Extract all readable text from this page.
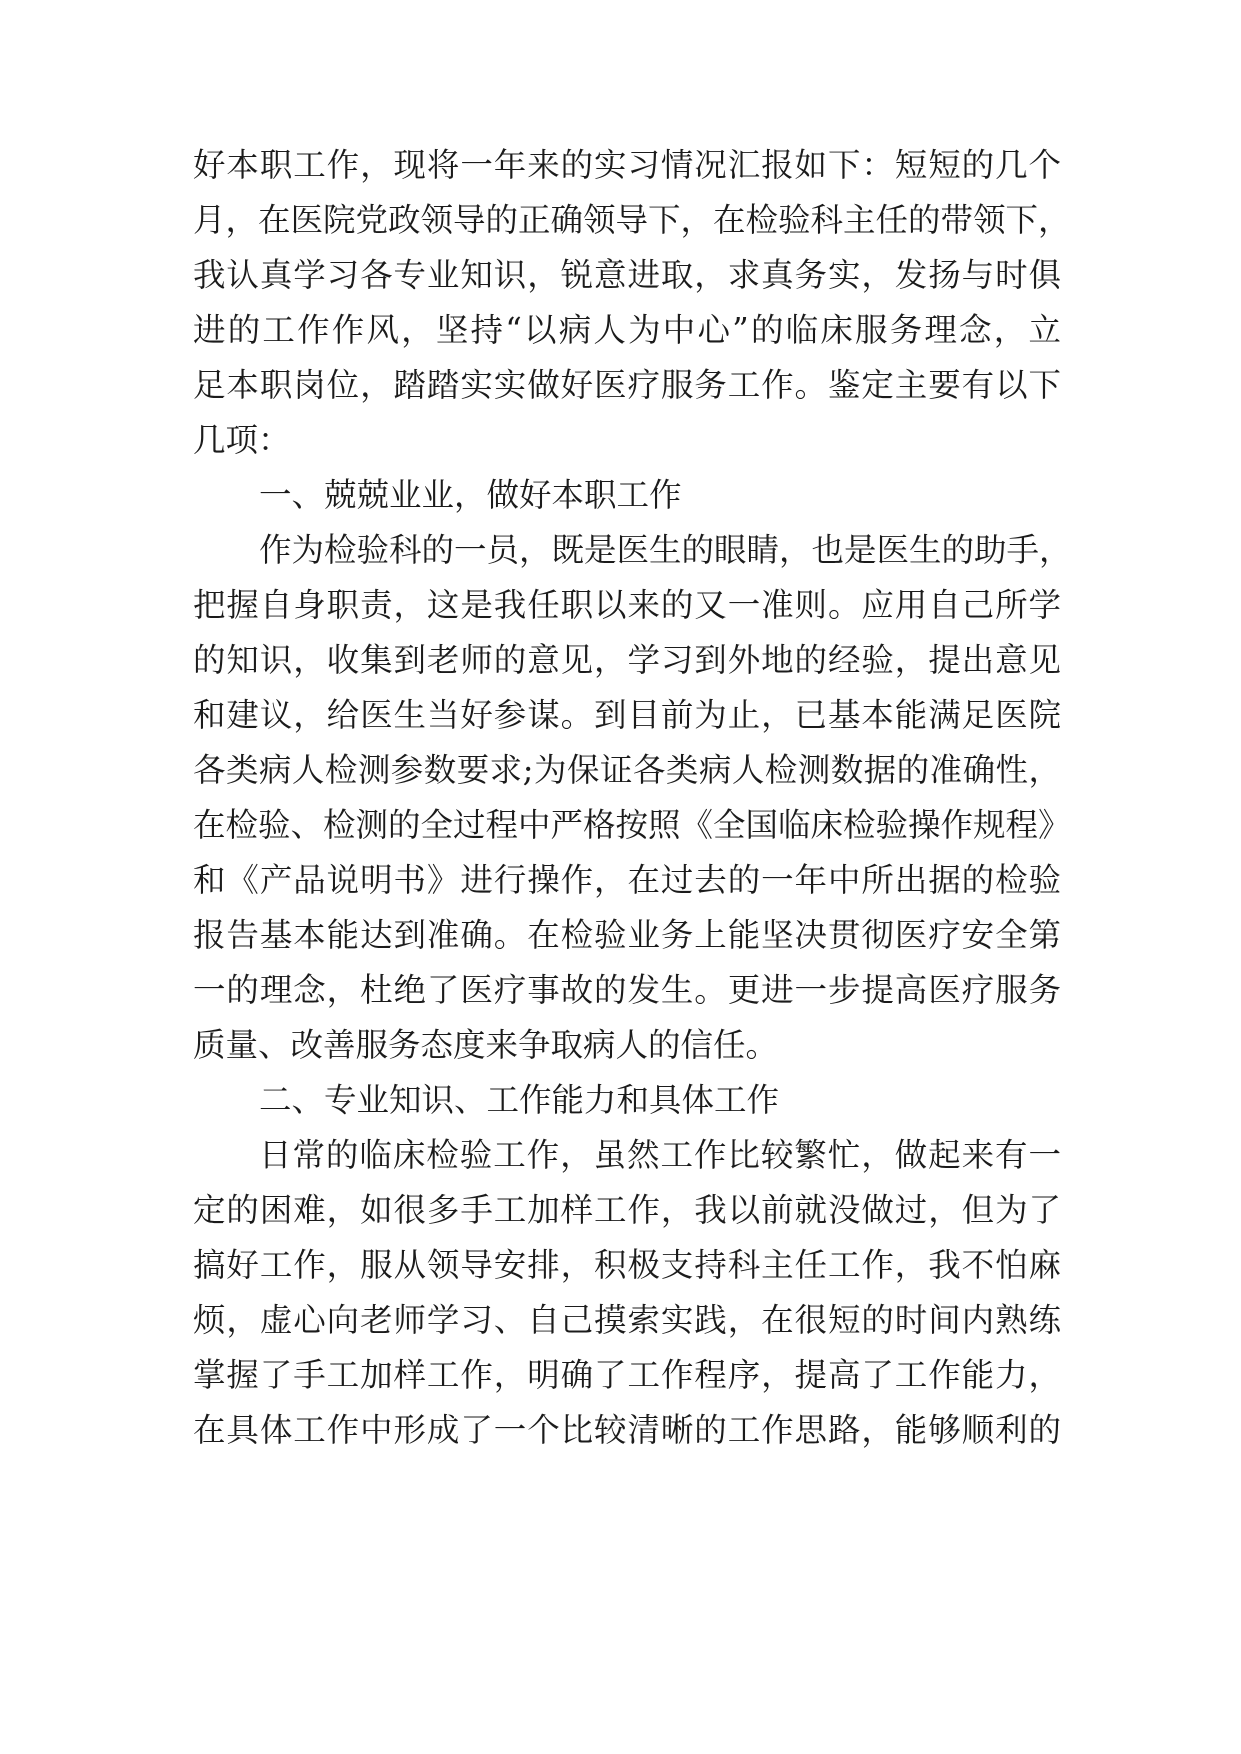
好本职工作，现将一年来的实习情况汇报如下：短短的几个
月，在医院党政领导的正确领导下，在检验科主任的带领下，
我认真学习各专业知识，锐意进取，求真务实，发扬与时俱
进的工作作风，坚持“以病人为中心”的临床服务理念，立
足本职岗位，踏踏实实做好医疗服务工作。鉴定主要有以下
几项：
一、兢兢业业，做好本职工作
作为检验科的一员，既是医生的眼睛，也是医生的助手，
把握自身职责，这是我任职以来的又一准则。应用自己所学
的知识，收集到老师的意见，学习到外地的经验，提出意见
和建议，给医生当好参谋。到目前为止，已基本能满足医院
各类病人检测参数要求;为保证各类病人检测数据的准确性，
在检验、检测的全过程中严格按照《全国临床检验操作规程》
和《产品说明书》进行操作，在过去的一年中所出据的检验
报告基本能达到准确。在检验业务上能坚决贯彻医疗安全第
一的理念，杜绝了医疗事故的发生。更进一步提高医疗服务
质量、改善服务态度来争取病人的信任。
二、专业知识、工作能力和具体工作
日常的临床检验工作，虽然工作比较繁忙，做起来有一
定的困难，如很多手工加样工作，我以前就没做过，但为了
搞好工作，服从领导安排，积极支持科主任工作，我不怕麻
烦，虚心向老师学习、自己摸索实践，在很短的时间内熟练
掌握了手工加样工作，明确了工作程序，提高了工作能力，
在具体工作中形成了一个比较清晰的工作思路，能够顺利的
